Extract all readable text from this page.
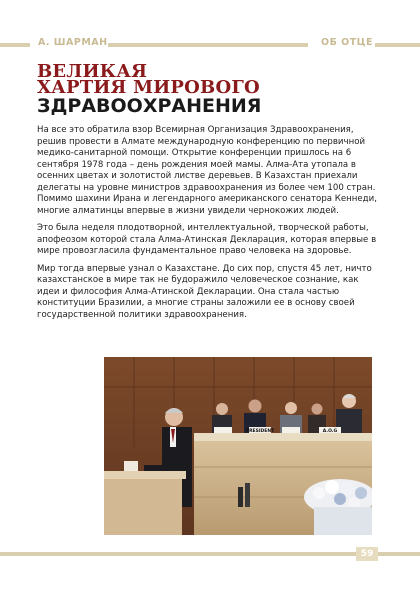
А. ШАРМАН	ОБ ОТЦЕ
ВЕЛИКАЯ
ХАРТИЯ МИРОВОГО
ЗДРАВООХРАНЕНИЯ

На все это обратила взор Всемирная Организация Здравоохранения, решив провести в Алмате международную конференцию по первичной медико-санитарной помощи. Открытие конференции пришлось на 6 сентября 1978 года – день рождения моей мамы. Алма-Ата утопала в осенних цветах и золотистой листве деревьев. В Казахстан приехали делегаты на уровне министров здравоохранения из более чем 100 стран. Помимо шахини Ирана и легендарного американского сенатора Кеннеди, многие алматинцы впервые в жизни увидели чернокожих людей.

Это была неделя плодотворной, интеллектуальной, творческой работы, апофеозом которой стала Алма-Атинская Декларация, которая впервые в мире провозгласила фундаментальное право человека на здоровье.

Мир тогда впервые узнал о Казахстане. До сих пор, спустя 45 лет, ничто казахстанское в мире так не будоражило человеческое сознание, как идеи и философия Алма-Атинской Декларации. Она стала частью конституции Бразилии, а многие страны заложили ее в основу своей государственной политики здравоохранения.

PRESIDENT	A.O.G
59
